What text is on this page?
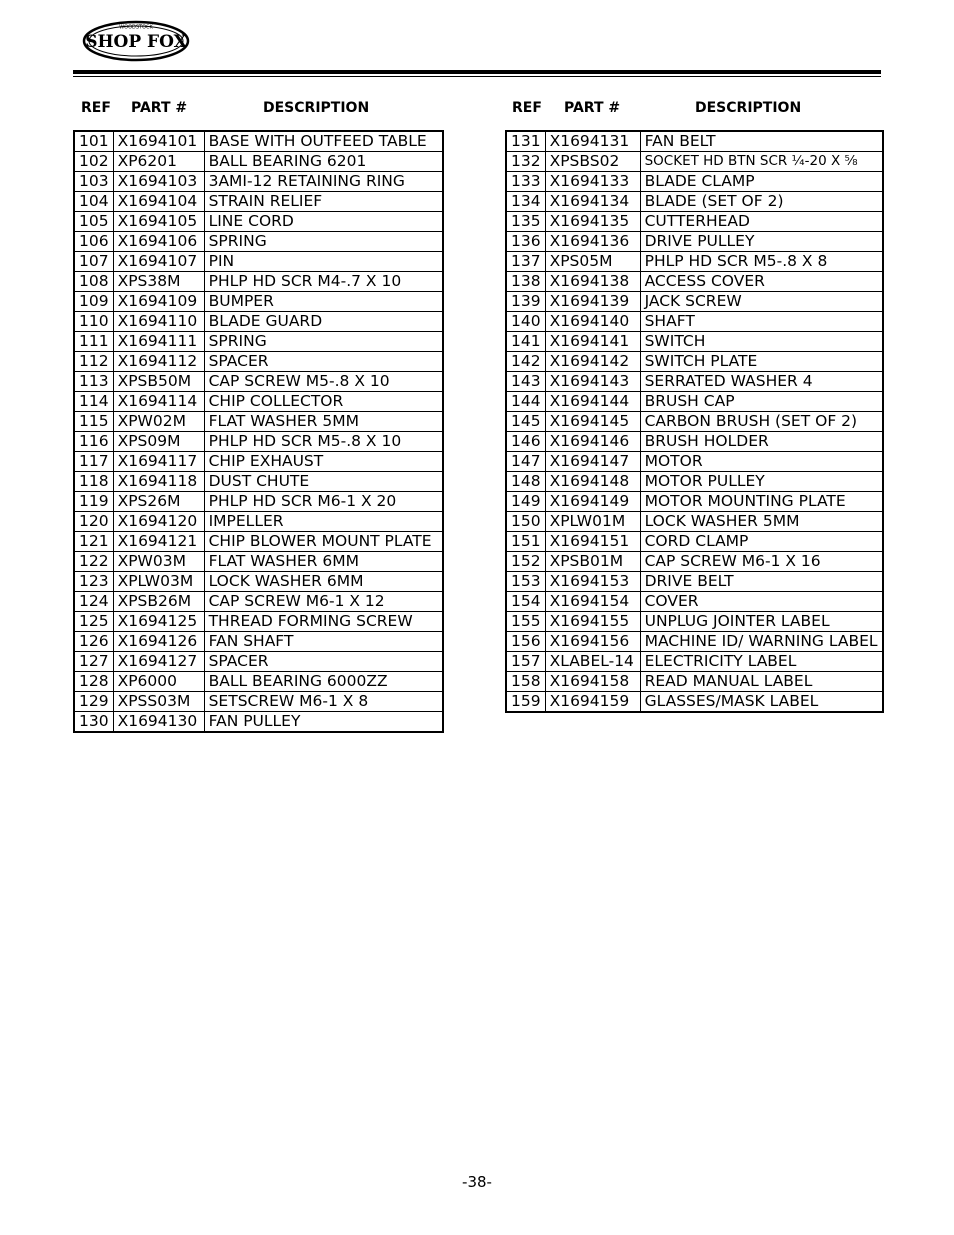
WOODSTOCK
SHOP FOX
REF PART #	DESCRIPTION	REF PART #	DESCRIPTION
101	X1694101	BASE WITH OUTFEED TABLE
102	XP6201	BALL BEARING 6201
103	X1694103	3AMI-12 RETAINING RING
104	X1694104	STRAIN RELIEF
105	X1694105	LINE CORD
106	X1694106	SPRING
107	X1694107	PIN
108	XPS38M	PHLP HD SCR M4-.7 X 10
109	X1694109	BUMPER
110	X1694110	BLADE GUARD
111	X1694111	SPRING
112	X1694112	SPACER
113	XPSB50M	CAP SCREW M5-.8 X 10
114	X1694114	CHIP COLLECTOR
115	XPW02M	FLAT WASHER 5MM
116	XPS09M	PHLP HD SCR M5-.8 X 10
117	X1694117	CHIP EXHAUST
118	X1694118	DUST CHUTE
119	XPS26M	PHLP HD SCR M6-1 X 20
120	X1694120	IMPELLER
121	X1694121	CHIP BLOWER MOUNT PLATE
122	XPW03M	FLAT WASHER 6MM
123	XPLW03M	LOCK WASHER 6MM
124	XPSB26M	CAP SCREW M6-1 X 12
125	X1694125	THREAD FORMING SCREW
126	X1694126	FAN SHAFT
127	X1694127	SPACER
128	XP6000	BALL BEARING 6000ZZ
129	XPSS03M	SETSCREW M6-1 X 8
130	X1694130	FAN PULLEY
131	X1694131	FAN BELT
132	XPSBS02	SOCKET HD BTN SCR ¼-20 X ⅝
133	X1694133	BLADE CLAMP
134	X1694134	BLADE (SET OF 2)
135	X1694135	CUTTERHEAD
136	X1694136	DRIVE PULLEY
137	XPS05M	PHLP HD SCR M5-.8 X 8
138	X1694138	ACCESS COVER
139	X1694139	JACK SCREW
140	X1694140	SHAFT
141	X1694141	SWITCH
142	X1694142	SWITCH PLATE
143	X1694143	SERRATED WASHER 4
144	X1694144	BRUSH CAP
145	X1694145	CARBON BRUSH (SET OF 2)
146	X1694146	BRUSH HOLDER
147	X1694147	MOTOR
148	X1694148	MOTOR PULLEY
149	X1694149	MOTOR MOUNTING PLATE
150	XPLW01M	LOCK WASHER 5MM
151	X1694151	CORD CLAMP
152	XPSB01M	CAP SCREW M6-1 X 16
153	X1694153	DRIVE BELT
154	X1694154	COVER
155	X1694155	UNPLUG JOINTER LABEL
156	X1694156	MACHINE ID/ WARNING LABEL
157	XLABEL-14	ELECTRICITY LABEL
158	X1694158	READ MANUAL LABEL
159	X1694159	GLASSES/MASK LABEL
-38-
